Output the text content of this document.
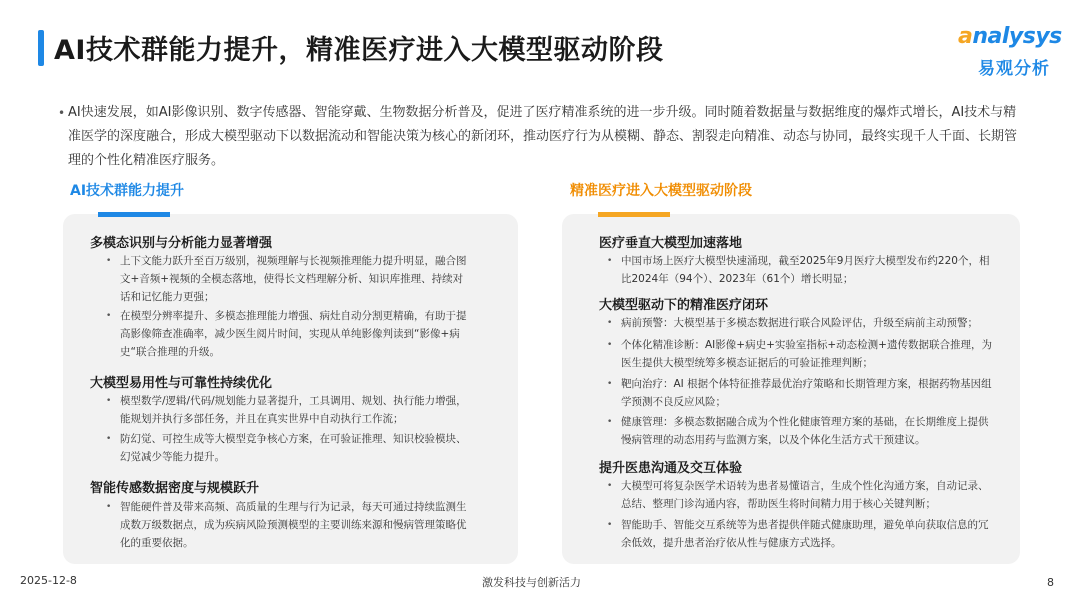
AI技术群能力提升，精准医疗进入大模型驱动阶段	analysys
易观分析
• AI快速发展，如AI影像识别、数字传感器、智能穿戴、生物数据分析普及，促进了医疗精准系统的进一步升级。同时随着数据量与数据维度的爆炸式增长，AI技术与精准医学的深度融合，形成大模型驱动下以数据流动和智能决策为核心的新闭环，推动医疗行为从模糊、静态、割裂走向精准、动态与协同，最终实现千人千面、长期管理的个性化精准医疗服务。
AI技术群能力提升	精准医疗进入大模型驱动阶段
多模态识别与分析能力显著增强
• 上下文能力跃升至百万级别，视频理解与长视频推理能力提升明显，融合图文+音频+视频的全模态落地，使得长文档理解分析、知识库推理、持续对话和记忆能力更强；
• 在模型分辨率提升、多模态推理能力增强、病灶自动分割更精确，有助于提高影像筛查准确率，减少医生阅片时间，实现从单纯影像判读到“影像+病史“联合推理的升级。
大模型易用性与可靠性持续优化
• 模型数学/逻辑/代码/规划能力显著提升，工具调用、规划、执行能力增强，能规划并执行多部任务，并且在真实世界中自动执行工作流；
• 防幻觉、可控生成等大模型竞争核心方案，在可验证推理、知识校验模块、幻觉减少等能力提升。
智能传感数据密度与规模跃升
• 智能硬件普及带来高频、高质量的生理与行为记录，每天可通过持续监测生成数万级数据点，成为疾病风险预测模型的主要训练来源和慢病管理策略优化的重要依据。
医疗垂直大模型加速落地
• 中国市场上医疗大模型快速涌现，截至2025年9月医疗大模型发布约220个，相比2024年（94个）、2023年（61个）增长明显；
大模型驱动下的精准医疗闭环
• 病前预警：大模型基于多模态数据进行联合风险评估，升级至病前主动预警；
• 个体化精准诊断：AI影像+病史+实验室指标+动态检测+遗传数据联合推理，为医生提供大模型统筹多模态证据后的可验证推理判断；
• 靶向治疗：AI 根据个体特征推荐最优治疗策略和长期管理方案，根据药物基因组学预测不良反应风险；
• 健康管理：多模态数据融合成为个性化健康管理方案的基础，在长期维度上提供慢病管理的动态用药与监测方案，以及个体化生活方式干预建议。
提升医患沟通及交互体验
• 大模型可将复杂医学术语转为患者易懂语言，生成个性化沟通方案，自动记录、总结、整理门诊沟通内容，帮助医生将时间精力用于核心关键判断；
• 智能助手、智能交互系统等为患者提供伴随式健康助理，避免单向获取信息的冗余低效，提升患者治疗依从性与健康方式选择。
2025-12-8	激发科技与创新活力	8
